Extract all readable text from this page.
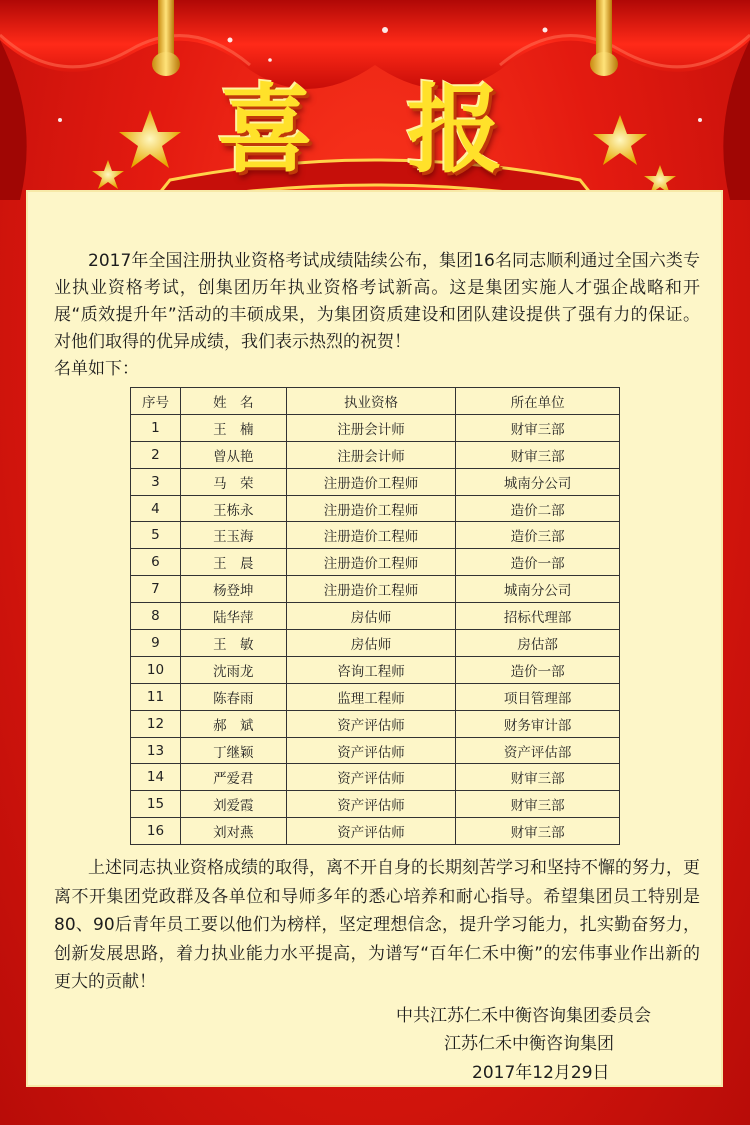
喜 报

2017年全国注册执业资格考试成绩陆续公布，集团16名同志顺利通过全国六类专业执业资格考试，创集团历年执业资格考试新高。这是集团实施人才强企战略和开展“质效提升年”活动的丰硕成果，为集团资质建设和团队建设提供了强有力的保证。对他们取得的优异成绩，我们表示热烈的祝贺！

名单如下：

序号	姓　名	执业资格	所在单位
1	王　楠	注册会计师	财审三部
2	曾从艳	注册会计师	财审三部
3	马　荣	注册造价工程师	城南分公司
4	王栋永	注册造价工程师	造价二部
5	王玉海	注册造价工程师	造价三部
6	王　晨	注册造价工程师	造价一部
7	杨登坤	注册造价工程师	城南分公司
8	陆华萍	房估师	招标代理部
9	王　敏	房估师	房估部
10	沈雨龙	咨询工程师	造价一部
11	陈春雨	监理工程师	项目管理部
12	郝　斌	资产评估师	财务审计部
13	丁继颖	资产评估师	资产评估部
14	严爱君	资产评估师	财审三部
15	刘爱霞	资产评估师	财审三部
16	刘对燕	资产评估师	财审三部

上述同志执业资格成绩的取得，离不开自身的长期刻苦学习和坚持不懈的努力，更离不开集团党政群及各单位和导师多年的悉心培养和耐心指导。希望集团员工特别是80、90后青年员工要以他们为榜样，坚定理想信念，提升学习能力，扎实勤奋努力，创新发展思路，着力执业能力水平提高，为谱写“百年仁禾中衡”的宏伟事业作出新的更大的贡献！

中共江苏仁禾中衡咨询集团委员会
江苏仁禾中衡咨询集团
2017年12月29日
